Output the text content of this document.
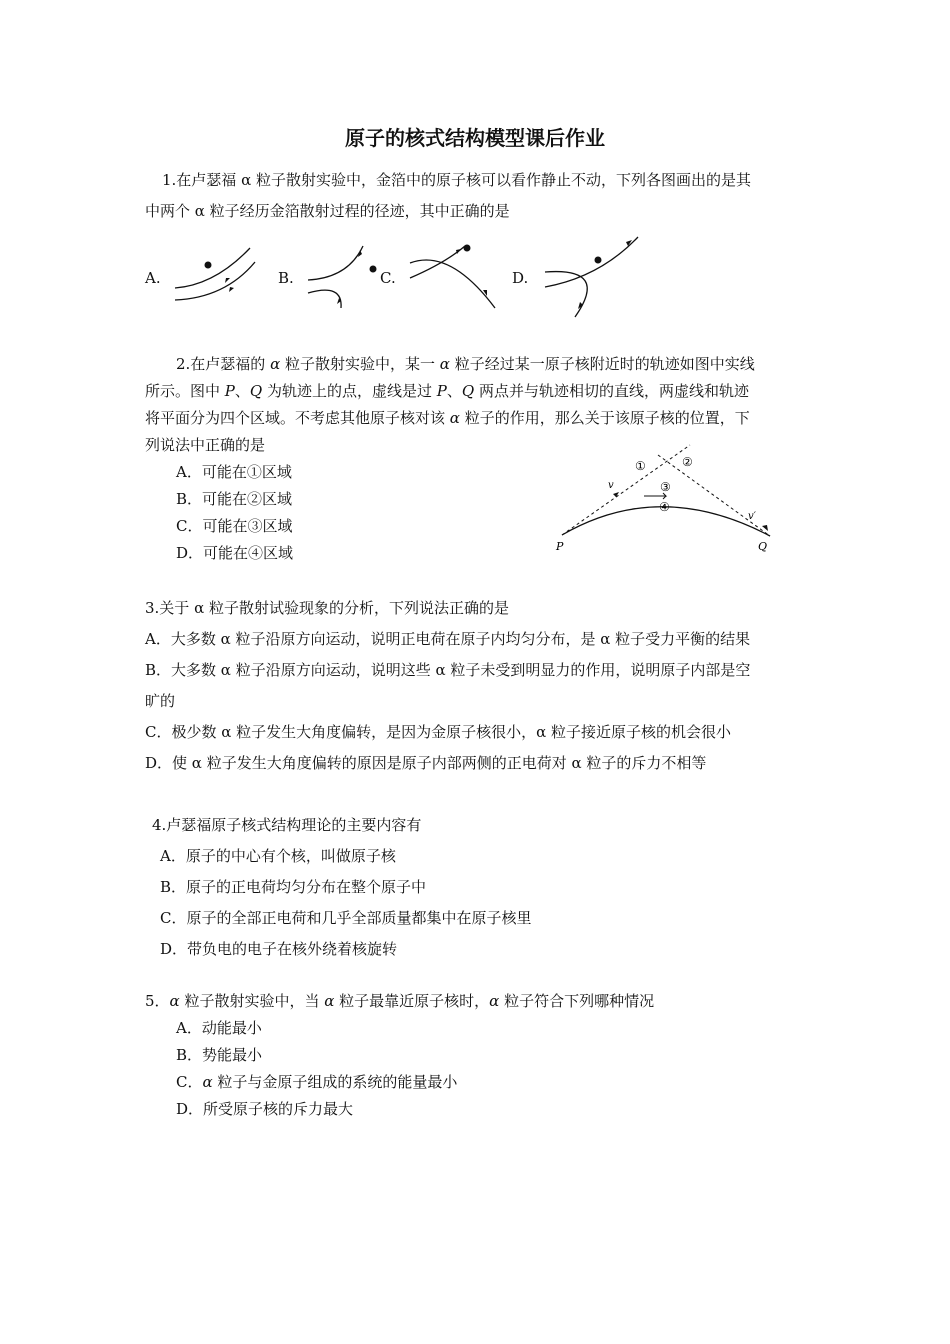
原子的核式结构模型课后作业
1.在卢瑟福 α 粒子散射实验中，金箔中的原子核可以看作静止不动，下列各图画出的是其
中两个 α 粒子经历金箔散射过程的径迹，其中正确的是
A.	B.	C.	D.
2.在卢瑟福的 α 粒子散射实验中，某一 α 粒子经过某一原子核附近时的轨迹如图中实线
所示。图中 P、Q 为轨迹上的点，虚线是过 P、Q 两点并与轨迹相切的直线，两虚线和轨迹
将平面分为四个区域。不考虑其他原子核对该 α 粒子的作用，那么关于该原子核的位置，下
列说法中正确的是
A．可能在①区域
B．可能在②区域
C．可能在③区域
D．可能在④区域
①	②
③
④
v
v′
P	Q
3.关于 α 粒子散射试验现象的分析，下列说法正确的是
A．大多数 α 粒子沿原方向运动，说明正电荷在原子内均匀分布，是 α 粒子受力平衡的结果
B．大多数 α 粒子沿原方向运动，说明这些 α 粒子未受到明显力的作用，说明原子内部是空
旷的
C．极少数 α 粒子发生大角度偏转，是因为金原子核很小，α 粒子接近原子核的机会很小
D．使 α 粒子发生大角度偏转的原因是原子内部两侧的正电荷对 α 粒子的斥力不相等
4.卢瑟福原子核式结构理论的主要内容有
A．原子的中心有个核，叫做原子核
B．原子的正电荷均匀分布在整个原子中
C．原子的全部正电荷和几乎全部质量都集中在原子核里
D．带负电的电子在核外绕着核旋转
5．α 粒子散射实验中，当 α 粒子最靠近原子核时，α 粒子符合下列哪种情况
A．动能最小
B．势能最小
C．α 粒子与金原子组成的系统的能量最小
D．所受原子核的斥力最大
